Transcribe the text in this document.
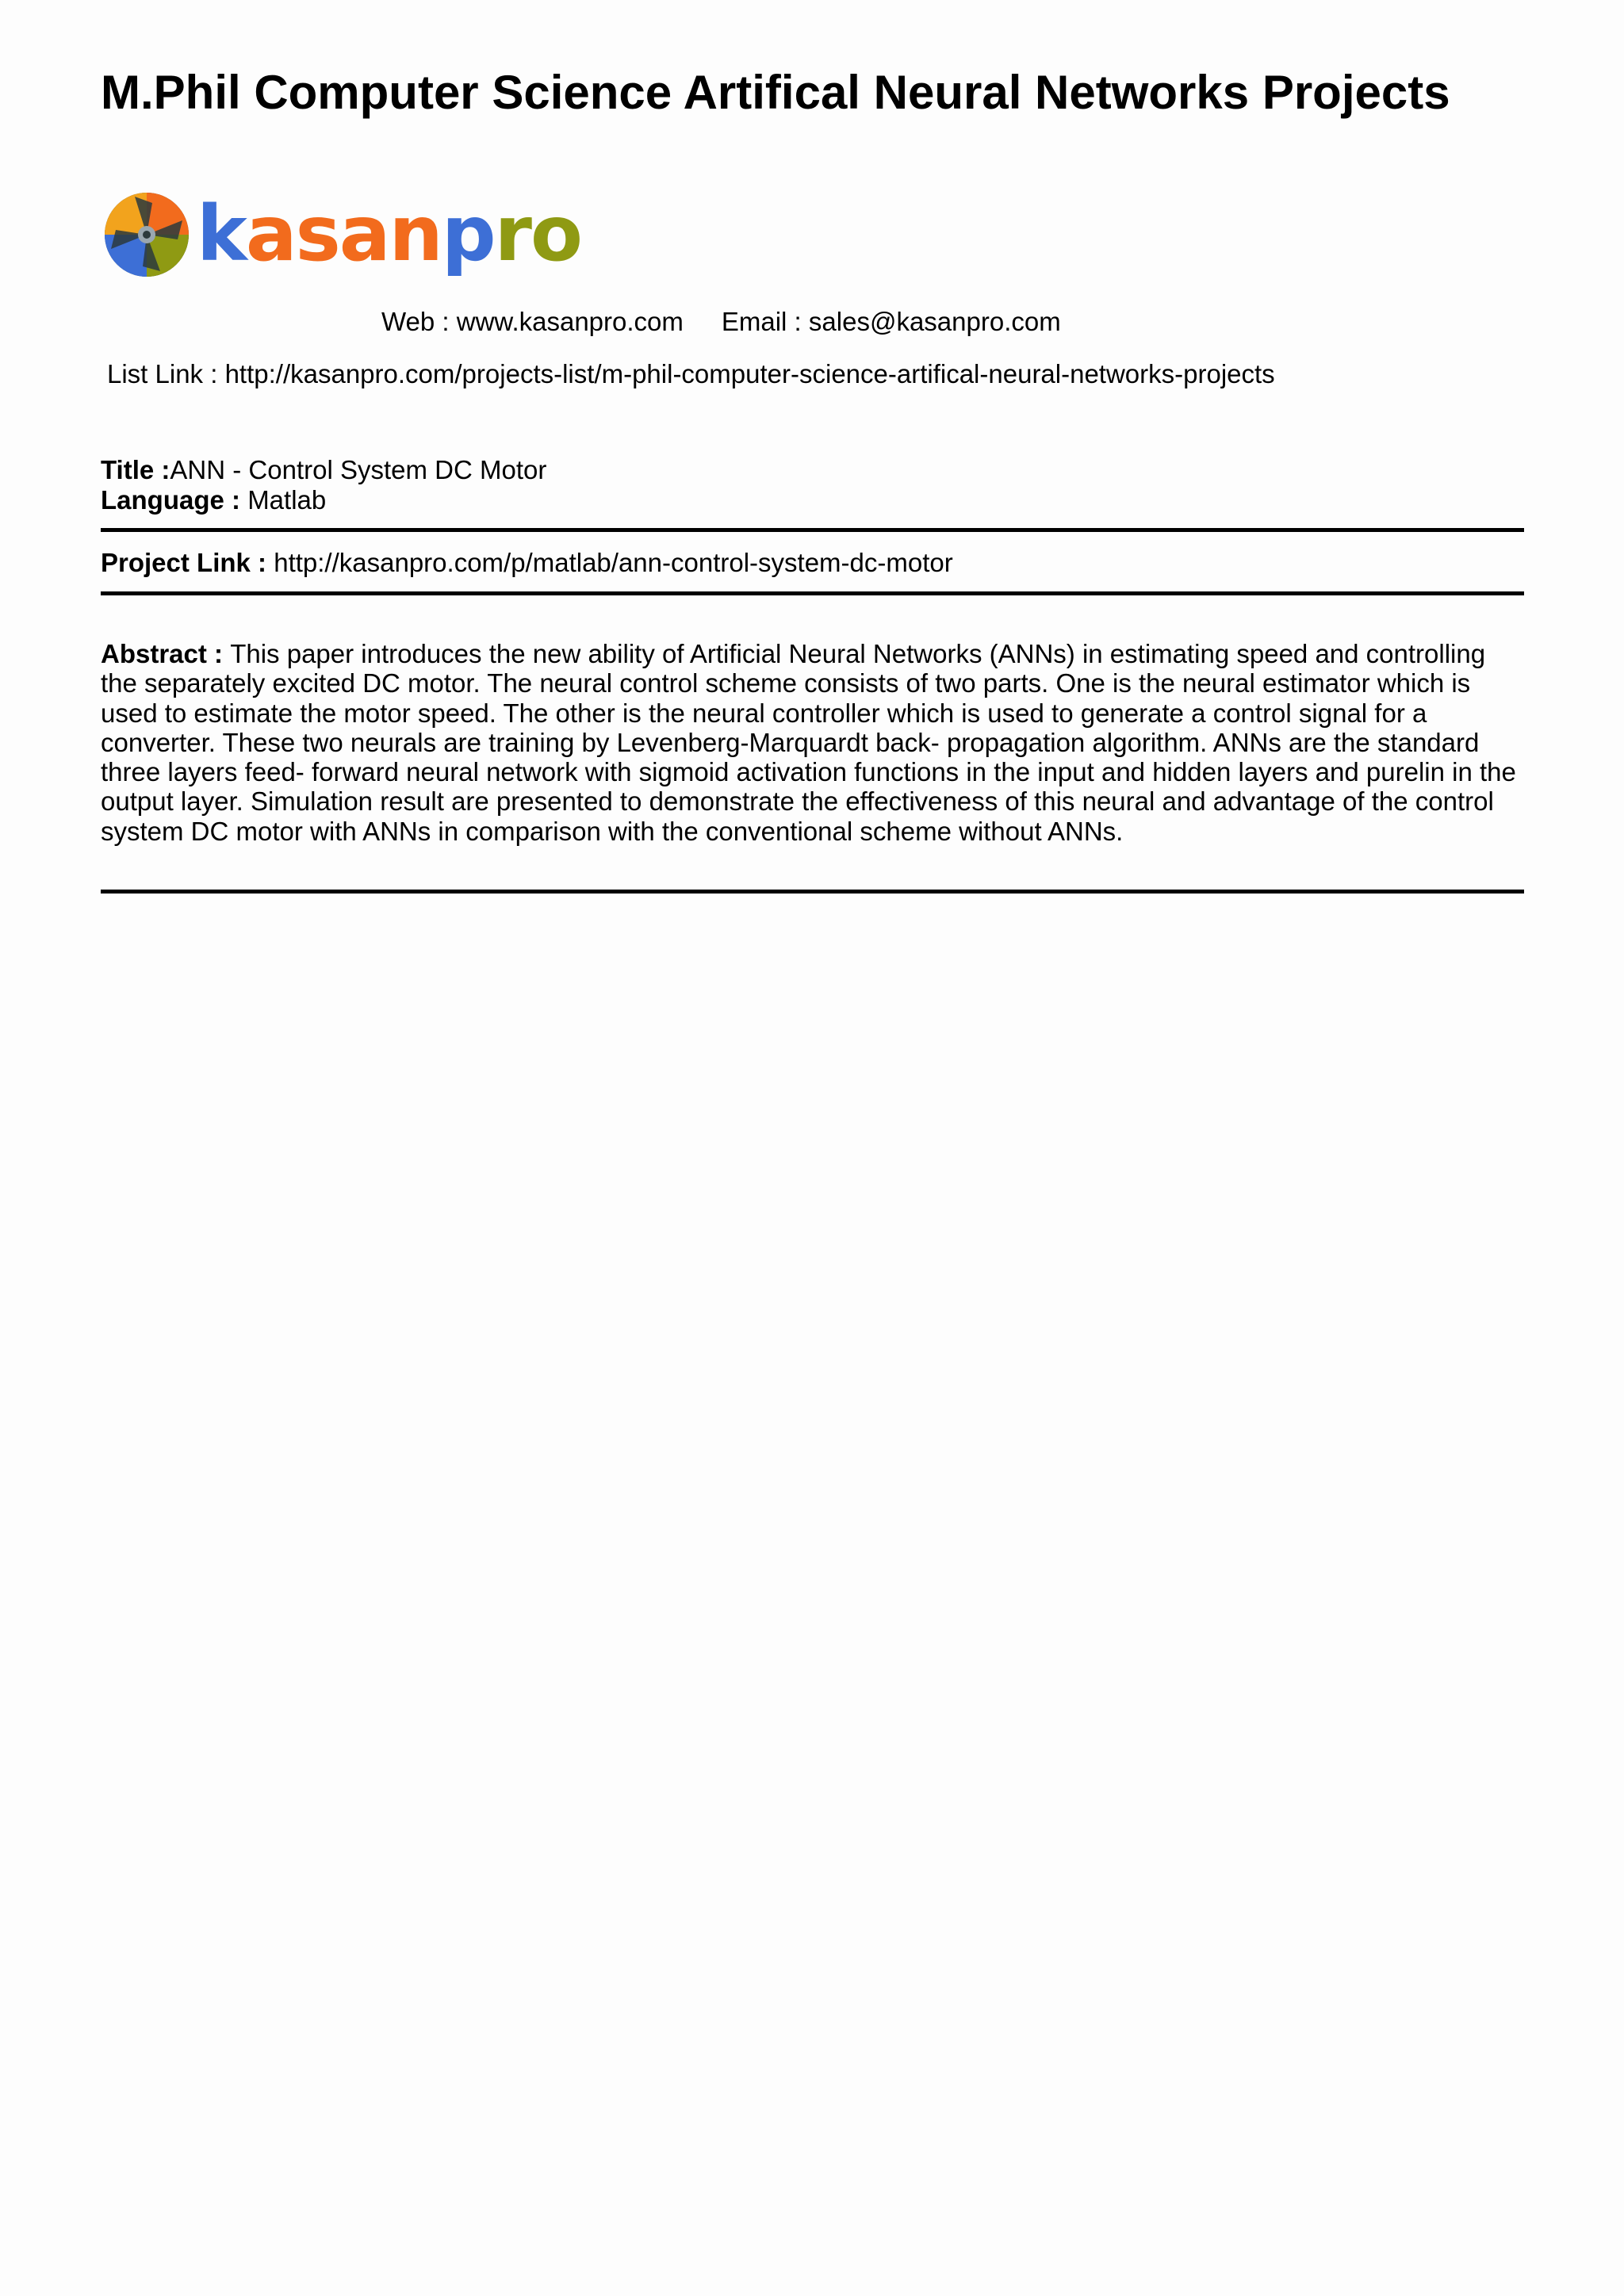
M.Phil Computer Science Artifical Neural Networks Projects
kasanpro
Web : www.kasanpro.com Email : sales@kasanpro.com
List Link : http://kasanpro.com/projects-list/m-phil-computer-science-artifical-neural-networks-projects
Title :ANN - Control System DC Motor
Language : Matlab
Project Link : http://kasanpro.com/p/matlab/ann-control-system-dc-motor

Abstract : This paper introduces the new ability of Artificial Neural Networks (ANNs) in estimating speed and controlling the separately excited DC motor. The neural control scheme consists of two parts. One is the neural estimator which is used to estimate the motor speed. The other is the neural controller which is used to generate a control signal for a converter. These two neurals are training by Levenberg-Marquardt back- propagation algorithm. ANNs are the standard three layers feed- forward neural network with sigmoid activation functions in the input and hidden layers and purelin in the output layer. Simulation result are presented to demonstrate the effectiveness of this neural and advantage of the control system DC motor with ANNs in comparison with the conventional scheme without ANNs.
